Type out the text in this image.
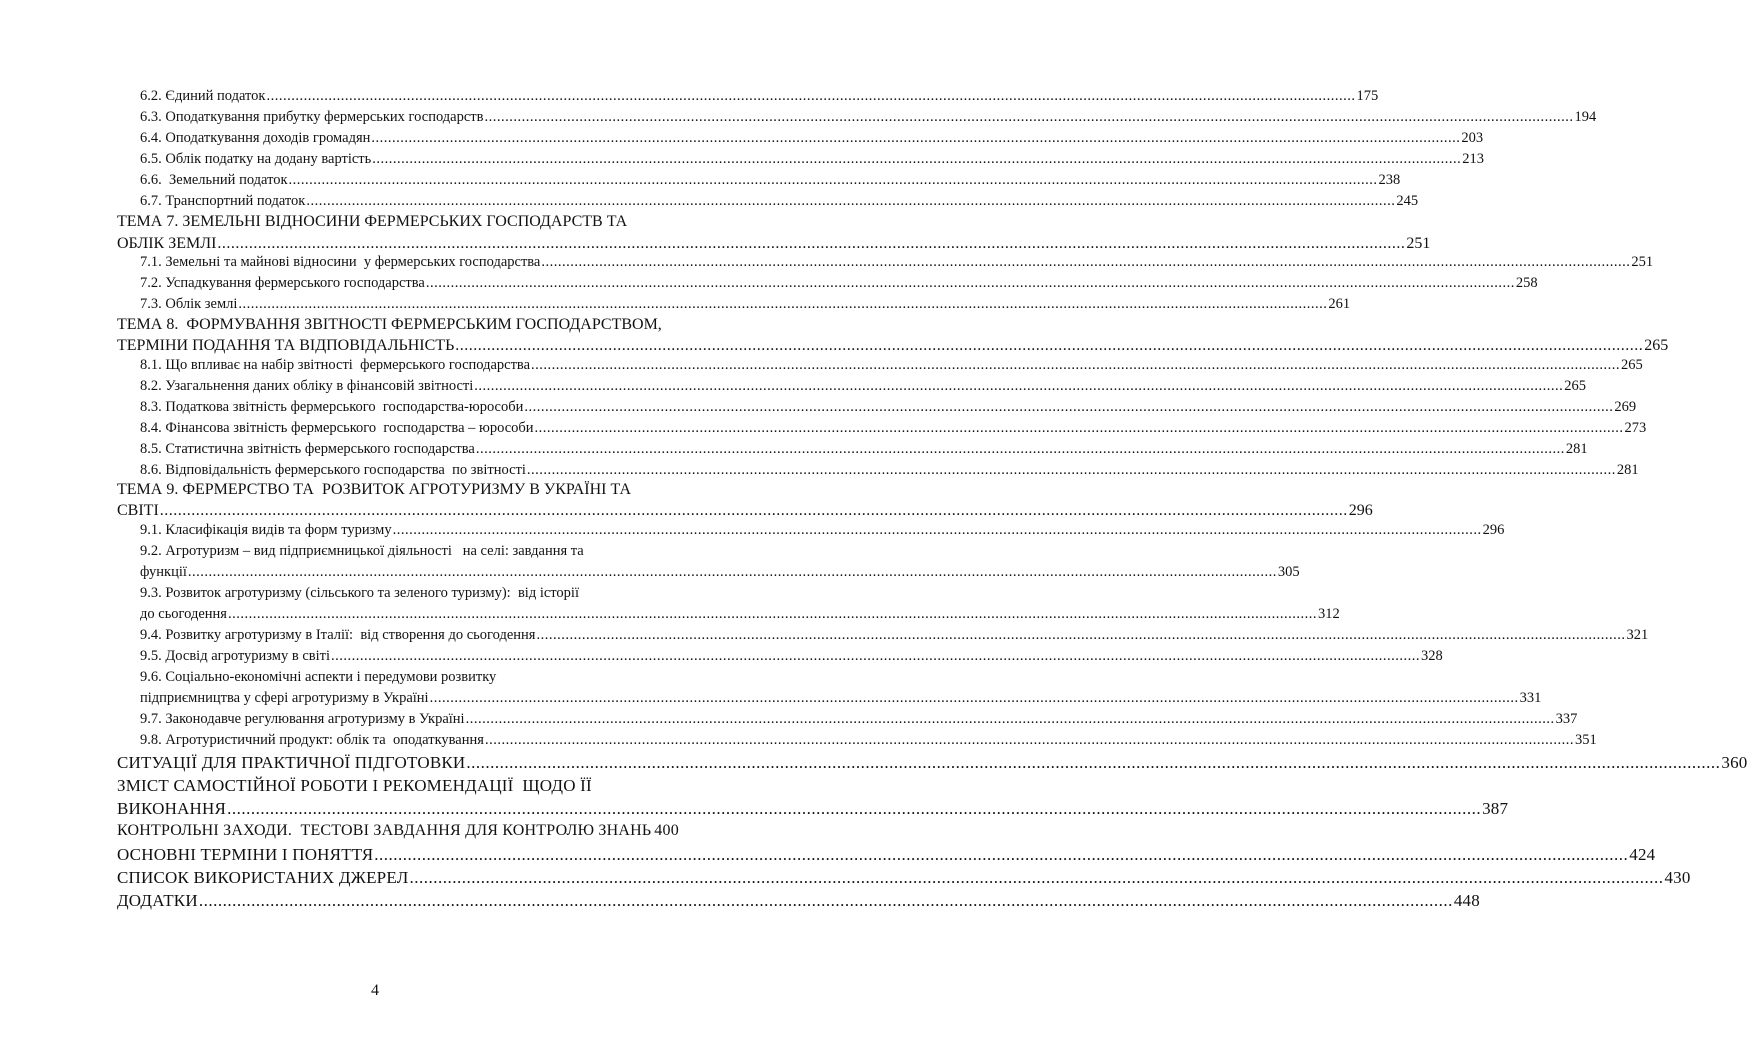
6.2. Єдиний податок .....	175
6.3. Оподаткування прибутку фермерських господарств .....	194
6.4. Оподаткування доходів громадян .....	203
6.5. Облік податку на додану вартість .....	213
6.6.  Земельний податок .....	238
6.7. Транспортний податок .....	245
ТЕМА 7. ЗЕМЕЛЬНІ ВІДНОСИНИ ФЕРМЕРСЬКИХ ГОСПОДАРСТВ ТА
ОБЛІК ЗЕМЛІ .....	251
7.1. Земельні та майнові відносини  у фермерських господарства .....	251
7.2. Успадкування фермерського господарства .....	258
7.3. Облік землі .....	261
ТЕМА 8.  ФОРМУВАННЯ ЗВІТНОСТІ ФЕРМЕРСЬКИМ ГОСПОДАРСТВОМ,
ТЕРМІНИ ПОДАННЯ ТА ВІДПОВІДАЛЬНІСТЬ .....	265
8.1. Що впливає на набір звітності  фермерського господарства .....	265
8.2. Узагальнення даних обліку в фінансовій звітності .....	265
8.3. Податкова звітність фермерського  господарства-юрособи .....	269
8.4. Фінансова звітність фермерського  господарства – юрособи .....	273
8.5. Статистична звітність фермерського господарства .....	281
8.6. Відповідальність фермерського господарства  по звітності .....	281
ТЕМА 9. ФЕРМЕРСТВО ТА  РОЗВИТОК АГРОТУРИЗМУ В УКРАЇНІ ТА
СВІТІ .....	296
9.1. Класифікація видів та форм туризму .....	296
9.2. Агротуризм – вид підприємницької діяльності   на селі: завдання та
функції .....	305
9.3. Розвиток агротуризму (сільського та зеленого туризму):  від історії
до сьогодення .....	312
9.4. Розвитку агротуризму в Італії:  від створення до сьогодення .....	321
9.5. Досвід агротуризму в світі .....	328
9.6. Соціально-економічні аспекти і передумови розвитку
підприємництва у сфері агротуризму в Україні .....	331
9.7. Законодавче регулювання агротуризму в Україні .....	337
9.8. Агротуристичний продукт: облік та  оподаткування .....	351
СИТУАЦІЇ ДЛЯ ПРАКТИЧНОЇ ПІДГОТОВКИ .....	360
ЗМІСТ САМОСТІЙНОЇ РОБОТИ І РЕКОМЕНДАЦІЇ  ЩОДО ЇЇ
ВИКОНАННЯ .....	387
КОНТРОЛЬНІ ЗАХОДИ.  ТЕСТОВІ ЗАВДАННЯ ДЛЯ КОНТРОЛЮ ЗНАНЬ 400
ОСНОВНІ ТЕРМІНИ І ПОНЯТТЯ .....	424
СПИСОК ВИКОРИСТАНИХ ДЖЕРЕЛ .....	430
ДОДАТКИ .....	448
4
